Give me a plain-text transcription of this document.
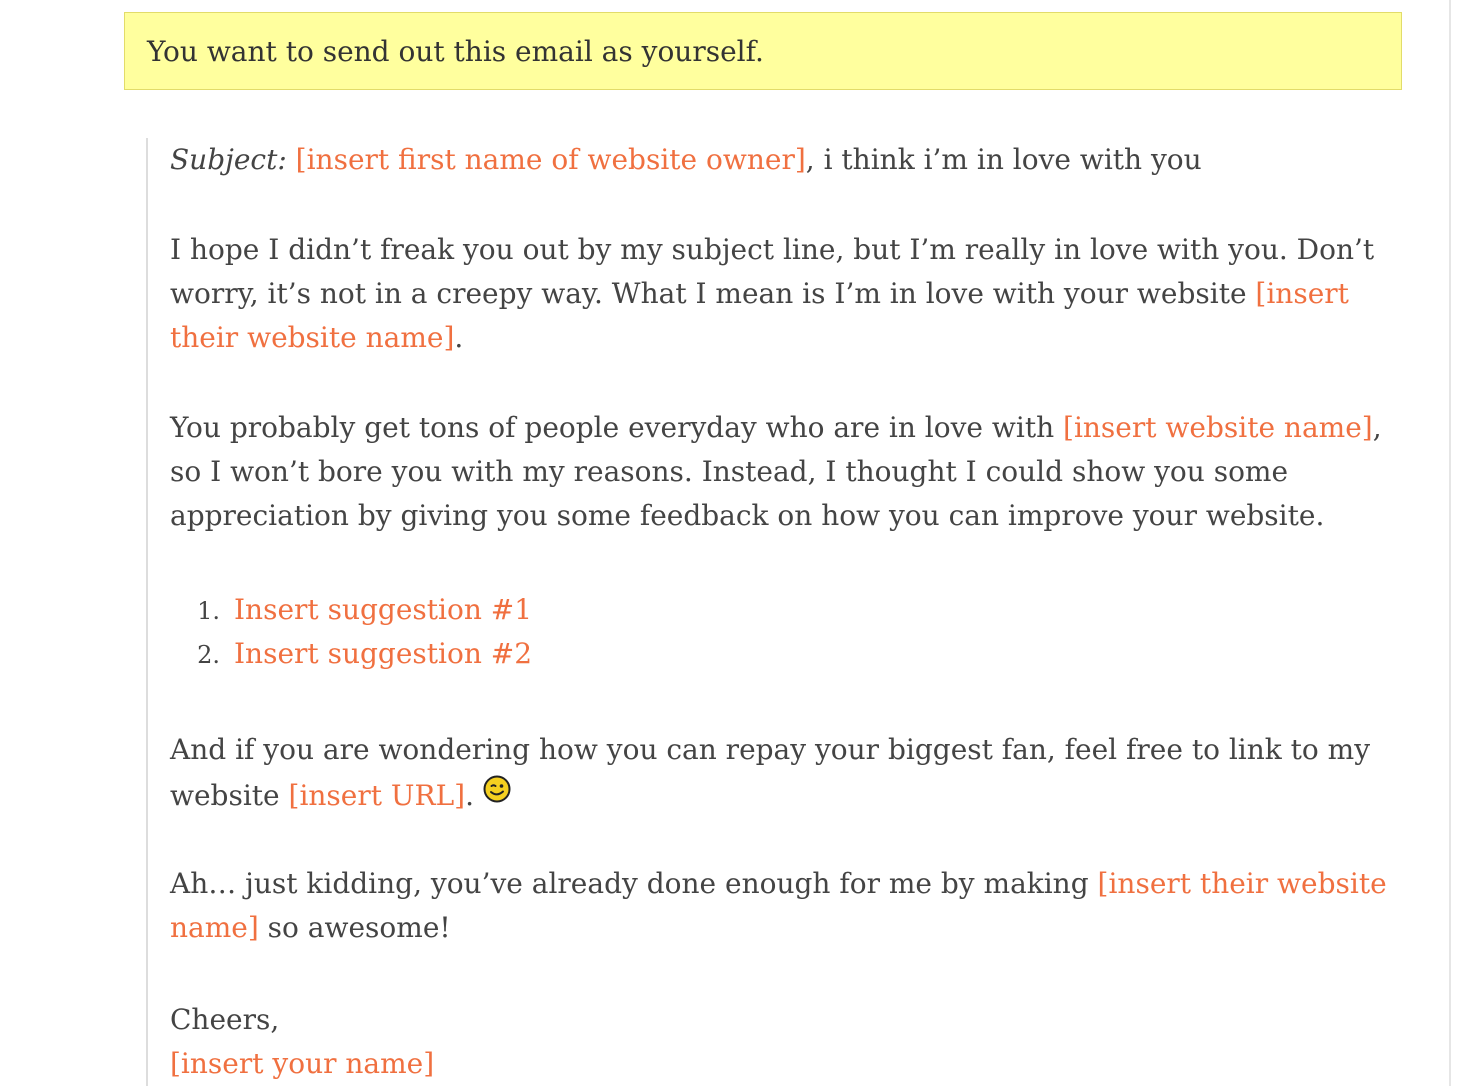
You want to send out this email as yourself.

Subject: [insert first name of website owner], i think i’m in love with you

I hope I didn’t freak you out by my subject line, but I’m really in love with you. Don’t worry, it’s not in a creepy way. What I mean is I’m in love with your website [insert their website name].

You probably get tons of people everyday who are in love with [insert website name], so I won’t bore you with my reasons. Instead, I thought I could show you some appreciation by giving you some feedback on how you can improve your website.

1. Insert suggestion #1
2. Insert suggestion #2

And if you are wondering how you can repay your biggest fan, feel free to link to my website [insert URL].

Ah… just kidding, you’ve already done enough for me by making [insert their website name] so awesome!

Cheers,
[insert your name]
